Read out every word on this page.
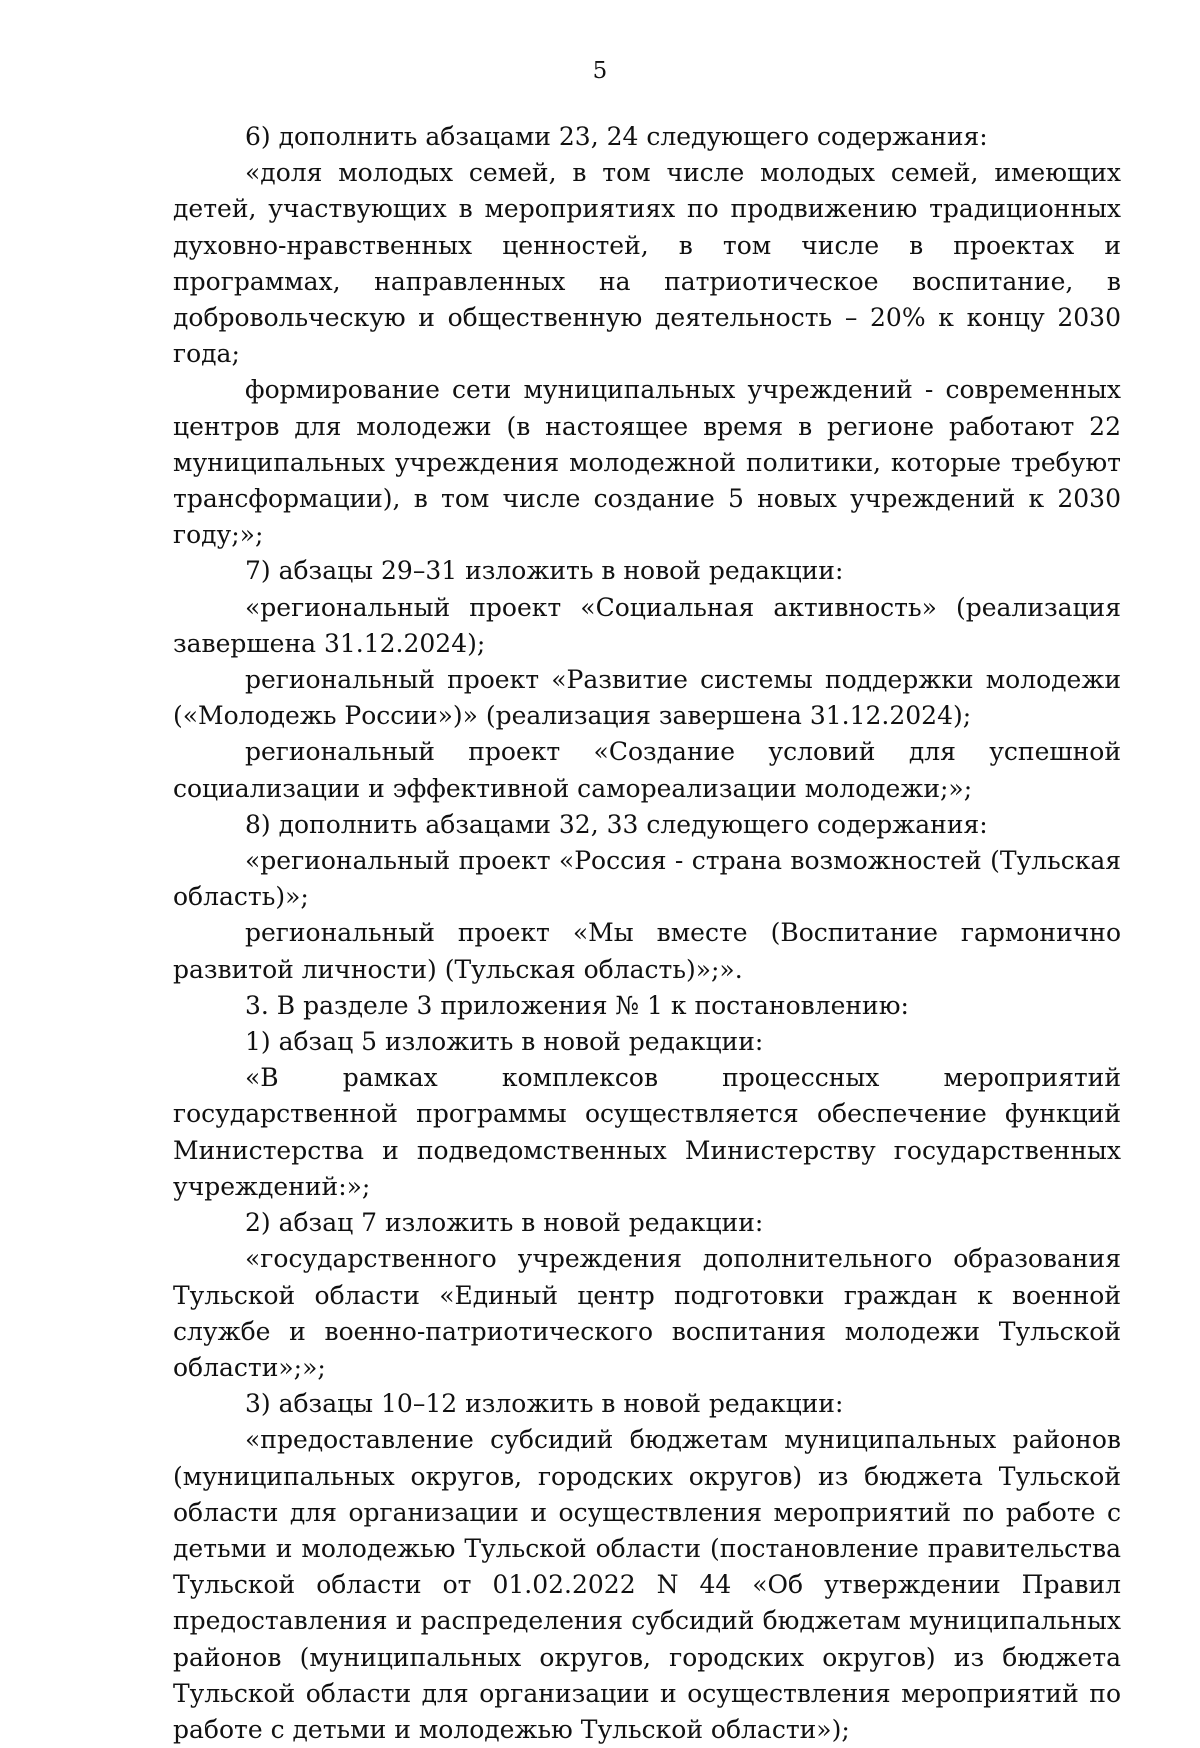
5

6) дополнить абзацами 23, 24 следующего содержания:

«доля молодых семей, в том числе молодых семей, имеющих детей, участвующих в мероприятиях по продвижению традиционных духовно-нравственных ценностей, в том числе в проектах и программах, направленных на патриотическое воспитание, в добровольческую и общественную деятельность – 20% к концу 2030 года;

формирование сети муниципальных учреждений - современных центров для молодежи (в настоящее время в регионе работают 22 муниципальных учреждения молодежной политики, которые требуют трансформации), в том числе создание 5 новых учреждений к 2030 году;»;

7) абзацы 29–31 изложить в новой редакции:

«региональный проект «Социальная активность» (реализация завершена 31.12.2024);

региональный проект «Развитие системы поддержки молодежи («Молодежь России»)» (реализация завершена 31.12.2024);

региональный проект «Создание условий для успешной социализации и эффективной самореализации молодежи;»;

8) дополнить абзацами 32, 33 следующего содержания:

«региональный проект «Россия - страна возможностей (Тульская область)»;

региональный проект «Мы вместе (Воспитание гармонично развитой личности) (Тульская область)»;».

3. В разделе 3 приложения № 1 к постановлению:

1) абзац 5 изложить в новой редакции:

«В рамках комплексов процессных мероприятий государственной программы осуществляется обеспечение функций Министерства и подведомственных Министерству государственных учреждений:»;

2) абзац 7 изложить в новой редакции:

«государственного учреждения дополнительного образования Тульской области «Единый центр подготовки граждан к военной службе и военно-патриотического воспитания молодежи Тульской области»;»;

3) абзацы 10–12 изложить в новой редакции:

«предоставление субсидий бюджетам муниципальных районов (муниципальных округов, городских округов) из бюджета Тульской области для организации и осуществления мероприятий по работе с детьми и молодежью Тульской области (постановление правительства Тульской области от 01.02.2022 N 44 «Об утверждении Правил предоставления и распределения субсидий бюджетам муниципальных районов (муниципальных округов, городских округов) из бюджета Тульской области для организации и осуществления мероприятий по работе с детьми и молодежью Тульской области»);
